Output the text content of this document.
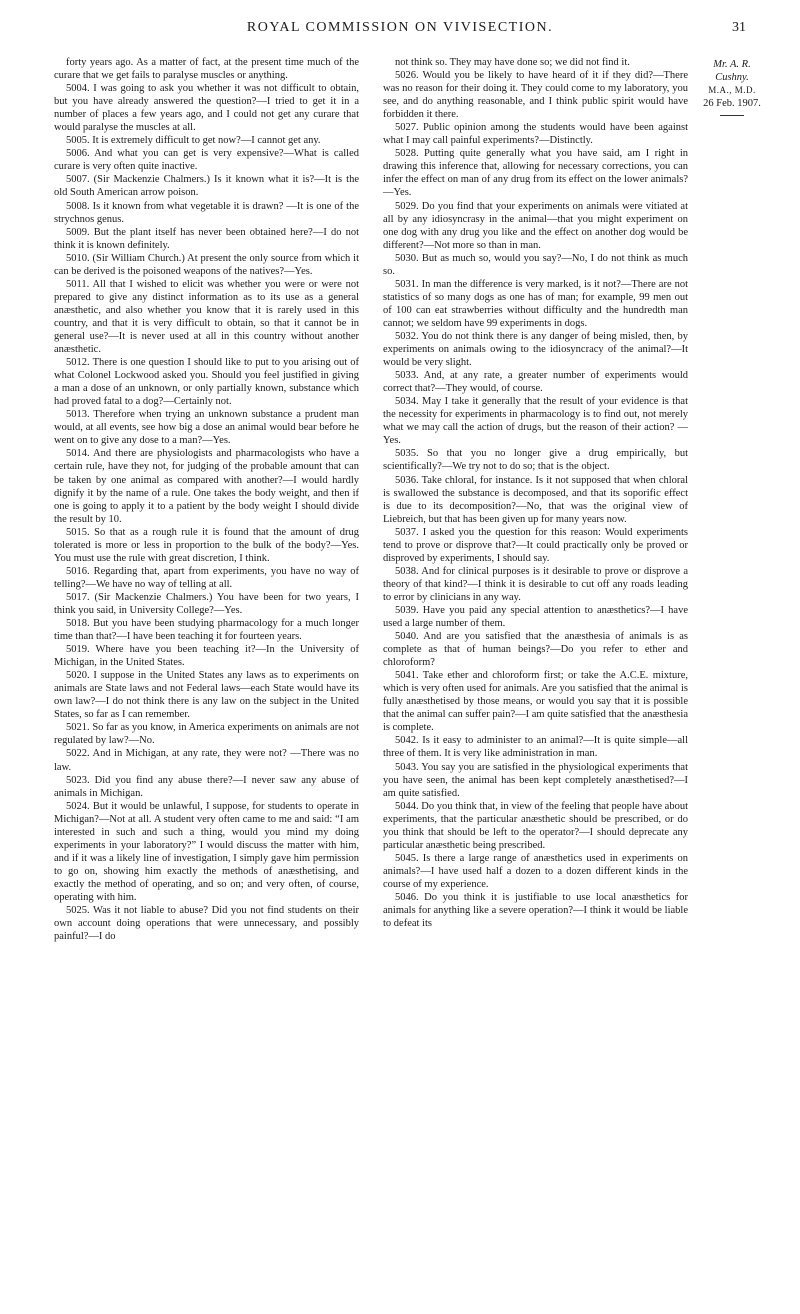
ROYAL COMMISSION ON VIVISECTION.	31

forty years ago. As a matter of fact, at the present time much of the curare that we get fails to paralyse muscles or anything.

5004. I was going to ask you whether it was not difficult to obtain, but you have already answered the question?—I tried to get it in a number of places a few years ago, and I could not get any curare that would paralyse the muscles at all.

5005. It is extremely difficult to get now?—I cannot get any.

5006. And what you can get is very expensive?—What is called curare is very often quite inactive.

5007. (Sir Mackenzie Chalmers.) Is it known what it is?—It is the old South American arrow poison.

5008. Is it known from what vegetable it is drawn? —It is one of the strychnos genus.

5009. But the plant itself has never been obtained here?—I do not think it is known definitely.

5010. (Sir William Church.) At present the only source from which it can be derived is the poisoned weapons of the natives?—Yes.

5011. All that I wished to elicit was whether you were or were not prepared to give any distinct information as to its use as a general anæsthetic, and also whether you know that it is rarely used in this country, and that it is very difficult to obtain, so that it cannot be in general use?—It is never used at all in this country without another anæsthetic.

5012. There is one question I should like to put to you arising out of what Colonel Lockwood asked you. Should you feel justified in giving a man a dose of an unknown, or only partially known, substance which had proved fatal to a dog?—Certainly not.

5013. Therefore when trying an unknown substance a prudent man would, at all events, see how big a dose an animal would bear before he went on to give any dose to a man?—Yes.

5014. And there are physiologists and pharmacologists who have a certain rule, have they not, for judging of the probable amount that can be taken by one animal as compared with another?—I would hardly dignify it by the name of a rule. One takes the body weight, and then if one is going to apply it to a patient by the body weight I should divide the result by 10.

5015. So that as a rough rule it is found that the amount of drug tolerated is more or less in proportion to the bulk of the body?—Yes. You must use the rule with great discretion, I think.

5016. Regarding that, apart from experiments, you have no way of telling?—We have no way of telling at all.

5017. (Sir Mackenzie Chalmers.) You have been for two years, I think you said, in University College?—Yes.

5018. But you have been studying pharmacology for a much longer time than that?—I have been teaching it for fourteen years.

5019. Where have you been teaching it?—In the University of Michigan, in the United States.

5020. I suppose in the United States any laws as to experiments on animals are State laws and not Federal laws—each State would have its own law?—I do not think there is any law on the subject in the United States, so far as I can remember.

5021. So far as you know, in America experiments on animals are not regulated by law?—No.

5022. And in Michigan, at any rate, they were not? —There was no law.

5023. Did you find any abuse there?—I never saw any abuse of animals in Michigan.

5024. But it would be unlawful, I suppose, for students to operate in Michigan?—Not at all. A student very often came to me and said: “I am interested in such and such a thing, would you mind my doing experiments in your laboratory?” I would discuss the matter with him, and if it was a likely line of investigation, I simply gave him permission to go on, showing him exactly the methods of anæsthetising, and exactly the method of operating, and so on; and very often, of course, operating with him.

5025. Was it not liable to abuse? Did you not find students on their own account doing operations that were unnecessary, and possibly painful?—I do

not think so. They may have done so; we did not find it.

5026. Would you be likely to have heard of it if they did?—There was no reason for their doing it. They could come to my laboratory, you see, and do anything reasonable, and I think public spirit would have forbidden it there.

5027. Public opinion among the students would have been against what I may call painful experiments?—Distinctly.

5028. Putting quite generally what you have said, am I right in drawing this inference that, allowing for necessary corrections, you can infer the effect on man of any drug from its effect on the lower animals? —Yes.

5029. Do you find that your experiments on animals were vitiated at all by any idiosyncrasy in the animal—that you might experiment on one dog with any drug you like and the effect on another dog would be different?—Not more so than in man.

5030. But as much so, would you say?—No, I do not think as much so.

5031. In man the difference is very marked, is it not?—There are not statistics of so many dogs as one has of man; for example, 99 men out of 100 can eat strawberries without difficulty and the hundredth man cannot; we seldom have 99 experiments in dogs.

5032. You do not think there is any danger of being misled, then, by experiments on animals owing to the idiosyncracy of the animal?—It would be very slight.

5033. And, at any rate, a greater number of experiments would correct that?—They would, of course.

5034. May I take it generally that the result of your evidence is that the necessity for experiments in pharmacology is to find out, not merely what we may call the action of drugs, but the reason of their action? —Yes.

5035. So that you no longer give a drug empirically, but scientifically?—We try not to do so; that is the object.

5036. Take chloral, for instance. Is it not supposed that when chloral is swallowed the substance is decomposed, and that its soporific effect is due to its decomposition?—No, that was the original view of Liebreich, but that has been given up for many years now.

5037. I asked you the question for this reason: Would experiments tend to prove or disprove that?—It could practically only be proved or disproved by experiments, I should say.

5038. And for clinical purposes is it desirable to prove or disprove a theory of that kind?—I think it is desirable to cut off any roads leading to error by clinicians in any way.

5039. Have you paid any special attention to anæsthetics?—I have used a large number of them.

5040. And are you satisfied that the anæsthesia of animals is as complete as that of human beings?—Do you refer to ether and chloroform?

5041. Take ether and chloroform first; or take the A.C.E. mixture, which is very often used for animals. Are you satisfied that the animal is fully anæsthetised by those means, or would you say that it is possible that the animal can suffer pain?—I am quite satisfied that the anæsthesia is complete.

5042. Is it easy to administer to an animal?—It is quite simple—all three of them. It is very like administration in man.

5043. You say you are satisfied in the physiological experiments that you have seen, the animal has been kept completely anæsthetised?—I am quite satisfied.

5044. Do you think that, in view of the feeling that people have about experiments, that the particular anæsthetic should be prescribed, or do you think that should be left to the operator?—I should deprecate any particular anæsthetic being prescribed.

5045. Is there a large range of anæsthetics used in experiments on animals?—I have used half a dozen to a dozen different kinds in the course of my experience.

5046. Do you think it is justifiable to use local anæsthetics for animals for anything like a severe operation?—I think it would be liable to defeat its

Mr. A. R. Cushny.
M.A., M.D.
26 Feb. 1907.
